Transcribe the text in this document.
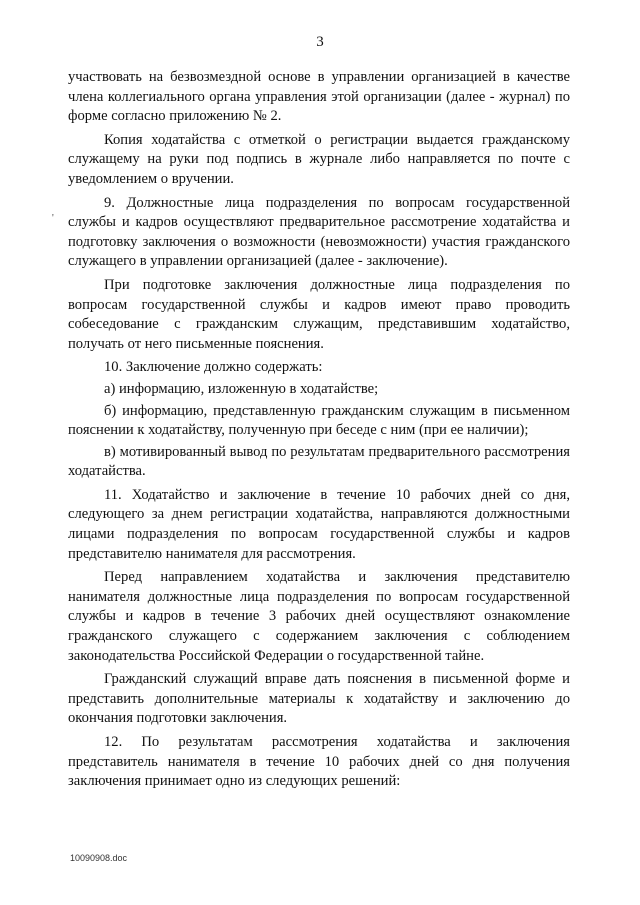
3
'

участвовать на безвозмездной основе в управлении организацией в качестве члена коллегиального органа управления этой организации (далее - журнал) по форме согласно приложению № 2.

Копия ходатайства с отметкой о регистрации выдается гражданскому служащему на руки под подпись в журнале либо направляется по почте с уведомлением о вручении.

9. Должностные лица подразделения по вопросам государственной службы и кадров осуществляют предварительное рассмотрение ходатайства и подготовку заключения о возможности (невозможности) участия гражданского служащего в управлении организацией (далее - заключение).

При подготовке заключения должностные лица подразделения по вопросам государственной службы и кадров имеют право проводить собеседование с гражданским служащим, представившим ходатайство, получать от него письменные пояснения.

10. Заключение должно содержать:

а) информацию, изложенную в ходатайстве;

б) информацию, представленную гражданским служащим в письменном пояснении к ходатайству, полученную при беседе с ним (при ее наличии);

в) мотивированный вывод по результатам предварительного рассмотрения ходатайства.

11. Ходатайство и заключение в течение 10 рабочих дней со дня, следующего за днем регистрации ходатайства, направляются должностными лицами подразделения по вопросам государственной службы и кадров представителю нанимателя для рассмотрения.

Перед направлением ходатайства и заключения представителю нанимателя должностные лица подразделения по вопросам государственной службы и кадров в течение 3 рабочих дней осуществляют ознакомление гражданского служащего с содержанием заключения с соблюдением законодательства Российской Федерации о государственной тайне.

Гражданский служащий вправе дать пояснения в письменной форме и представить дополнительные материалы к ходатайству и заключению до окончания подготовки заключения.

12. По результатам рассмотрения ходатайства и заключения представитель нанимателя в течение 10 рабочих дней со дня получения заключения принимает одно из следующих решений:

10090908.doc
